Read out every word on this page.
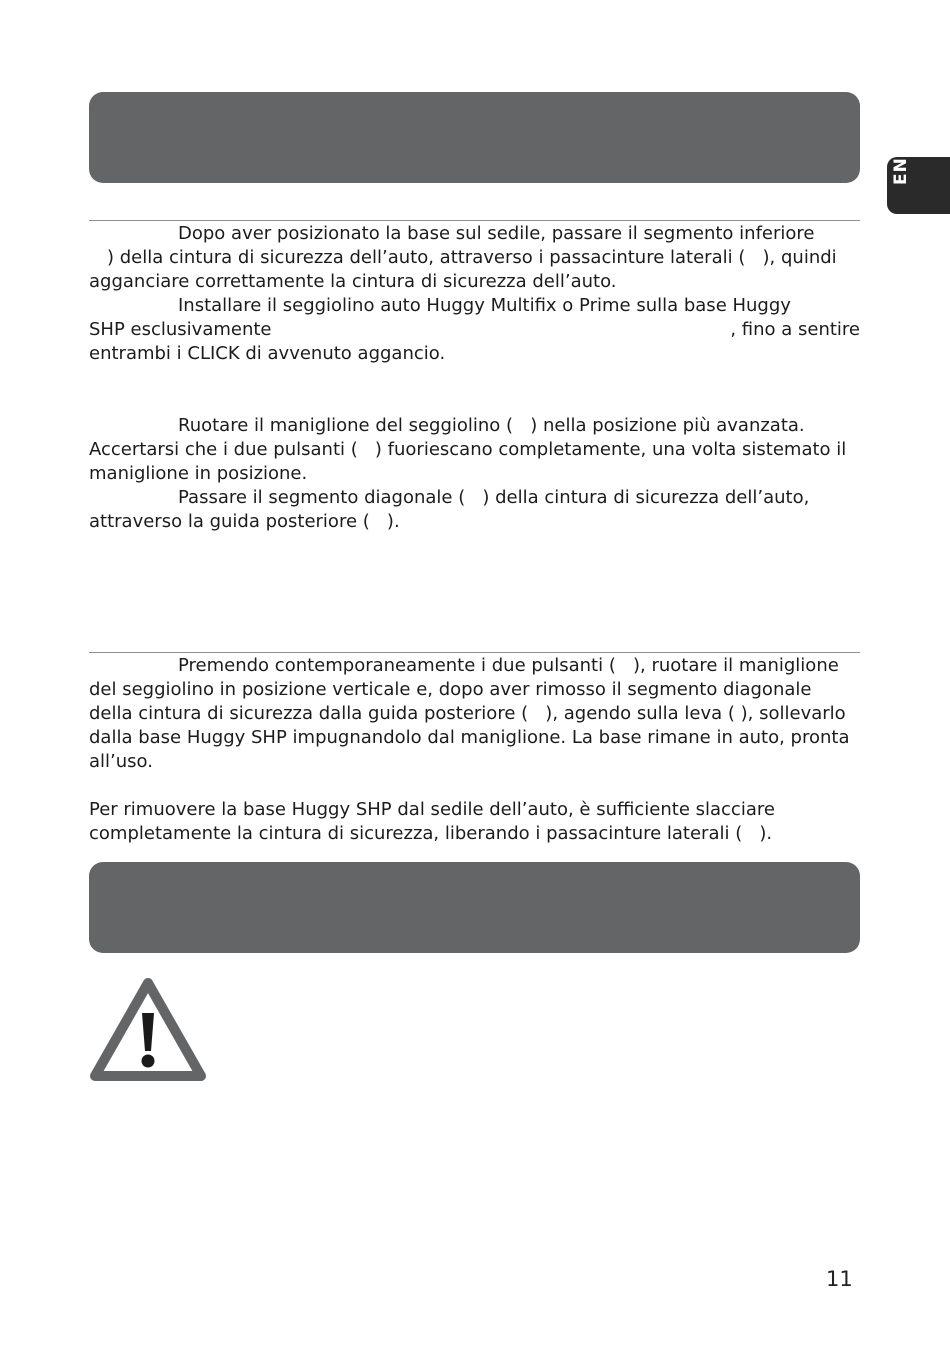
EN

Dopo aver posizionato la base sul sedile, passare il segmento inferiore

) della cintura di sicurezza dell’auto, attraverso i passacinture laterali (   ), quindi

agganciare correttamente la cintura di sicurezza dell’auto.

Installare il seggiolino auto Huggy Multifix o Prime sulla base Huggy

SHP esclusivamente	, fino a sentire

entrambi i CLICK di avvenuto aggancio.

Ruotare il maniglione del seggiolino (   ) nella posizione più avanzata.

Accertarsi che i due pulsanti (   ) fuoriescano completamente, una volta sistemato il

maniglione in posizione.

Passare il segmento diagonale (   ) della cintura di sicurezza dell’auto,

attraverso la guida posteriore (   ).

Premendo contemporaneamente i due pulsanti (   ), ruotare il maniglione

del seggiolino in posizione verticale e, dopo aver rimosso il segmento diagonale

della cintura di sicurezza dalla guida posteriore (   ), agendo sulla leva ( ), sollevarlo

dalla base Huggy SHP impugnandolo dal maniglione. La base rimane in auto, pronta

all’uso.

Per rimuovere la base Huggy SHP dal sedile dell’auto, è sufficiente slacciare

completamente la cintura di sicurezza, liberando i passacinture laterali (   ).

11
